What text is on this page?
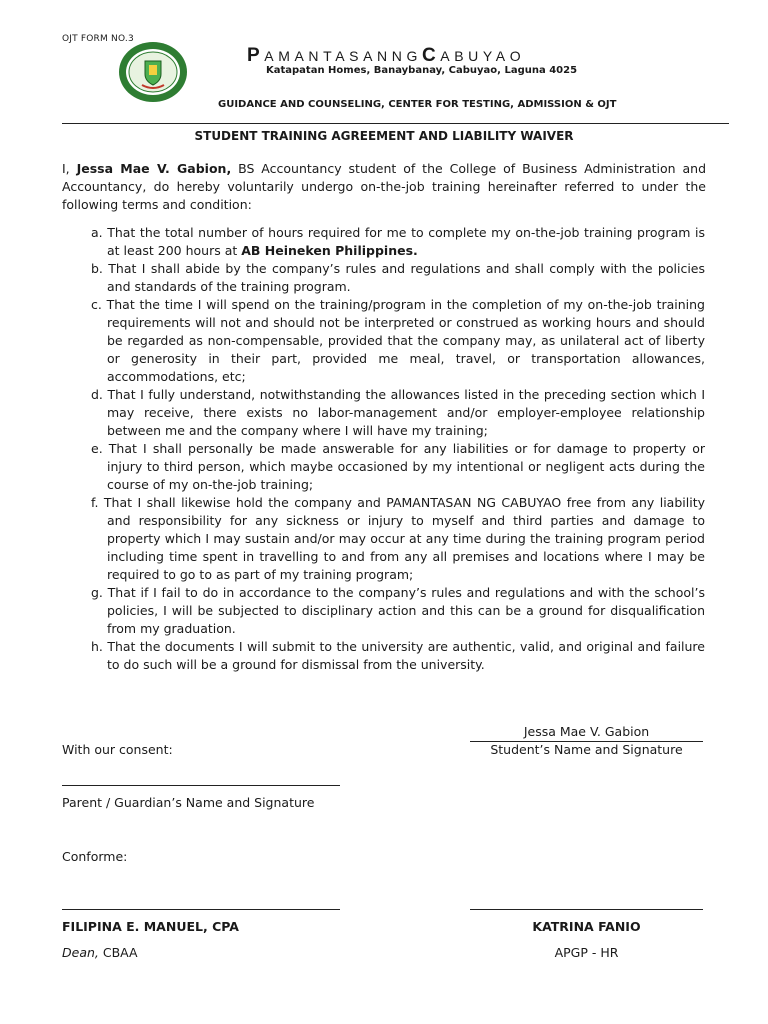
OJT FORM NO.3
PAMANTASANNGCABUYAO
Katapatan Homes, Banaybanay, Cabuyao, Laguna 4025
GUIDANCE AND COUNSELING, CENTER FOR TESTING, ADMISSION & OJT
STUDENT TRAINING AGREEMENT AND LIABILITY WAIVER
I, Jessa Mae V. Gabion, BS Accountancy student of the College of Business Administration and Accountancy, do hereby voluntarily undergo on-the-job training hereinafter referred to under the following terms and condition:
a. That the total number of hours required for me to complete my on-the-job training program is at least 200 hours at AB Heineken Philippines.
b. That I shall abide by the company’s rules and regulations and shall comply with the policies and standards of the training program.
c. That the time I will spend on the training/program in the completion of my on-the-job training requirements will not and should not be interpreted or construed as working hours and should be regarded as non-compensable, provided that the company may, as unilateral act of liberty or generosity in their part, provided me meal, travel, or transportation allowances, accommodations, etc;
d. That I fully understand, notwithstanding the allowances listed in the preceding section which I may receive, there exists no labor-management and/or employer-employee relationship between me and the company where I will have my training;
e. That I shall personally be made answerable for any liabilities or for damage to property or injury to third person, which maybe occasioned by my intentional or negligent acts during the course of my on-the-job training;
f. That I shall likewise hold the company and PAMANTASAN NG CABUYAO free from any liability and responsibility for any sickness or injury to myself and third parties and damage to property which I may sustain and/or may occur at any time during the training program period including time spent in travelling to and from any all premises and locations where I may be required to go to as part of my training program;
g. That if I fail to do in accordance to the company’s rules and regulations and with the school’s policies, I will be subjected to disciplinary action and this can be a ground for disqualification from my graduation.
h. That the documents I will submit to the university are authentic, valid, and original and failure to do such will be a ground for dismissal from the university.
Jessa Mae V. Gabion
Student’s Name and Signature
With our consent:
Parent / Guardian’s Name and Signature
Conforme:
FILIPINA E. MANUEL, CPA
Dean, CBAA
KATRINA FANIO
APGP - HR
